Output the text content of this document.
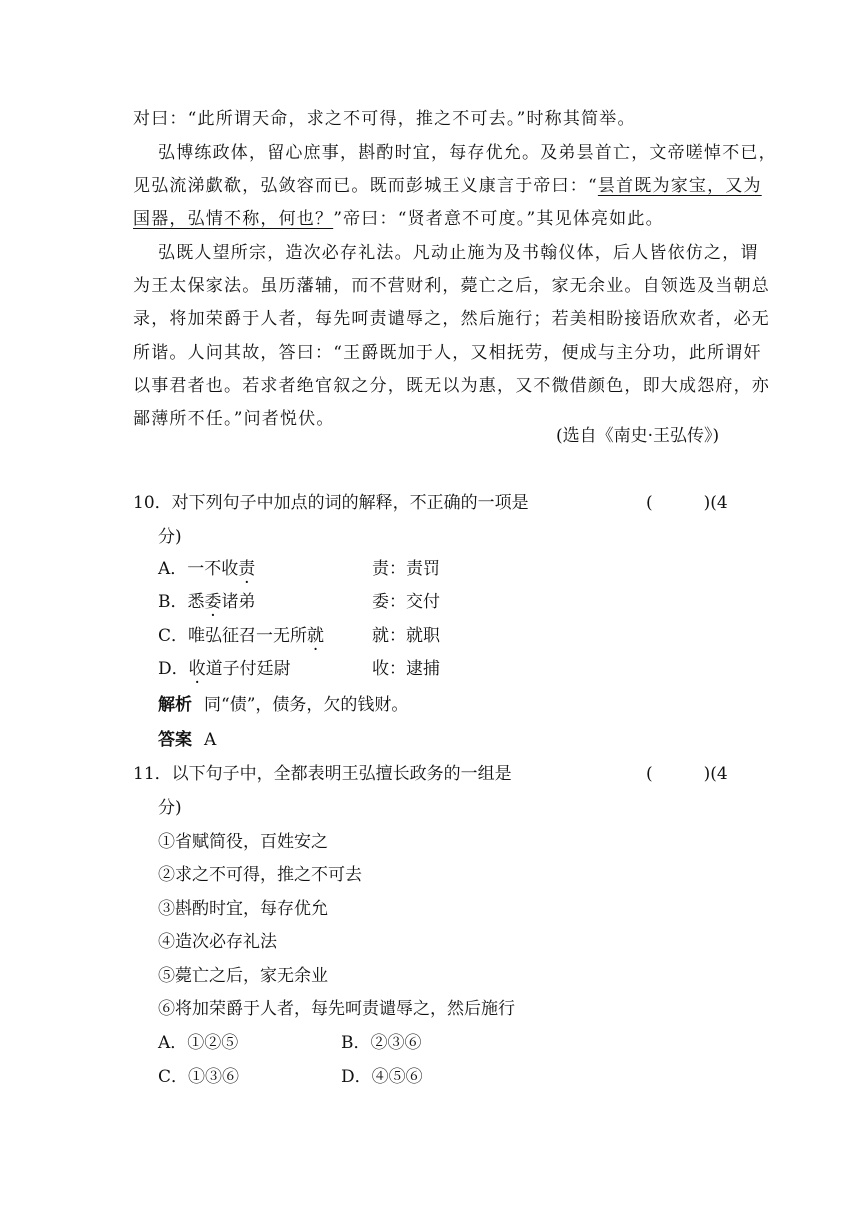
对曰：“此所谓天命，求之不可得，推之不可去。”时称其简举。
弘博练政体，留心庶事，斟酌时宜，每存优允。及弟昙首亡，文帝嗟悼不已，
见弘流涕歔欷，弘敛容而已。既而彭城王义康言于帝曰：“昙首既为家宝，又为
国器，弘情不称，何也？”帝曰：“贤者意不可度。”其见体亮如此。
弘既人望所宗，造次必存礼法。凡动止施为及书翰仪体，后人皆依仿之，谓
为王太保家法。虽历藩辅，而不营财利，薨亡之后，家无余业。自领选及当朝总
录，将加荣爵于人者，每先呵责谴辱之，然后施行；若美相盼接语欣欢者，必无
所谐。人问其故，答曰：“王爵既加于人，又相抚劳，便成与主分功，此所谓奸
以事君者也。若求者绝官叙之分，既无以为惠，又不微借颜色，即大成怨府，亦
鄙薄所不任。”问者悦伏。
(选自《南史·王弘传》)
10．对下列句子中加点的词的解释，不正确的一项是	(　　　)(4
分)
A．一不收责	责：责罚
B．悉委诸弟	委：交付
C．唯弘征召一无所就	就：就职
D．收道子付廷尉	收：逮捕
解析 同“债”，债务，欠的钱财。
答案 A
11．以下句子中，全都表明王弘擅长政务的一组是	(　　　)(4
分)
①省赋简役，百姓安之
②求之不可得，推之不可去
③斟酌时宜，每存优允
④造次必存礼法
⑤薨亡之后，家无余业
⑥将加荣爵于人者，每先呵责谴辱之，然后施行
A．①②⑤	B．②③⑥
C．①③⑥	D．④⑤⑥
